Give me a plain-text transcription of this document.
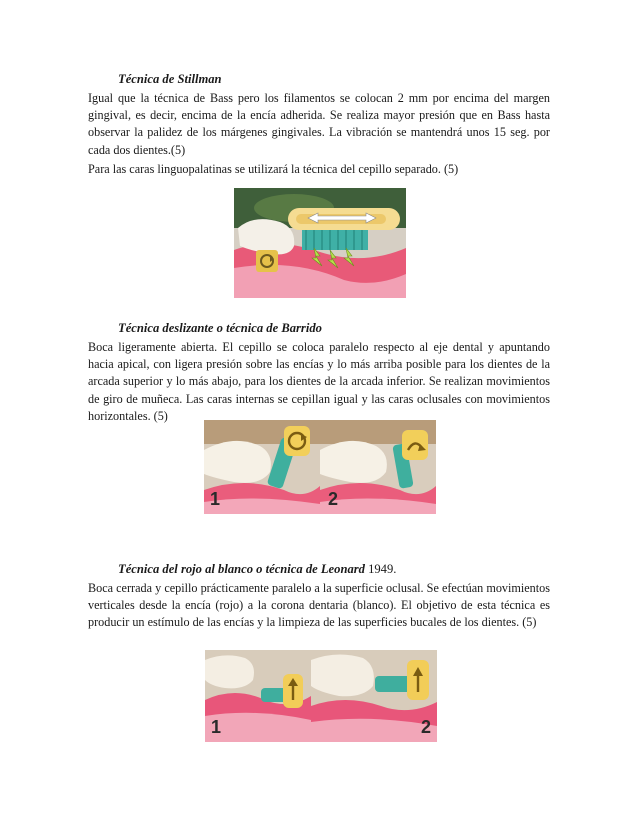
Técnica de Stillman
Igual que la técnica de Bass pero los filamentos se colocan 2 mm por encima del margen gingival, es decir, encima de la encía adherida. Se realiza mayor presión que en Bass hasta observar la palidez de los márgenes gingivales. La vibración se mantendrá unos 15 seg. por cada dos dientes.(5)
Para las caras linguopalatinas se utilizará la técnica del cepillo separado. (5)
Técnica deslizante o técnica de Barrido
Boca ligeramente abierta. El cepillo se coloca paralelo respecto al eje dental y apuntando hacia apical, con ligera presión sobre las encías y lo más arriba posible para los dientes de la arcada superior y lo más abajo, para los dientes de la arcada inferior. Se realizan movimientos de giro de muñeca. Las caras internas se cepillan igual y las caras oclusales con movimientos horizontales. (5)
1	2
Técnica del rojo al blanco o técnica de Leonard 1949.
Boca cerrada y cepillo prácticamente paralelo a la superficie oclusal. Se efectúan movimientos verticales desde la encía (rojo) a la corona dentaria (blanco). El objetivo de esta técnica es producir un estímulo de las encías y la limpieza de las superficies bucales de los dientes. (5)
1	2
